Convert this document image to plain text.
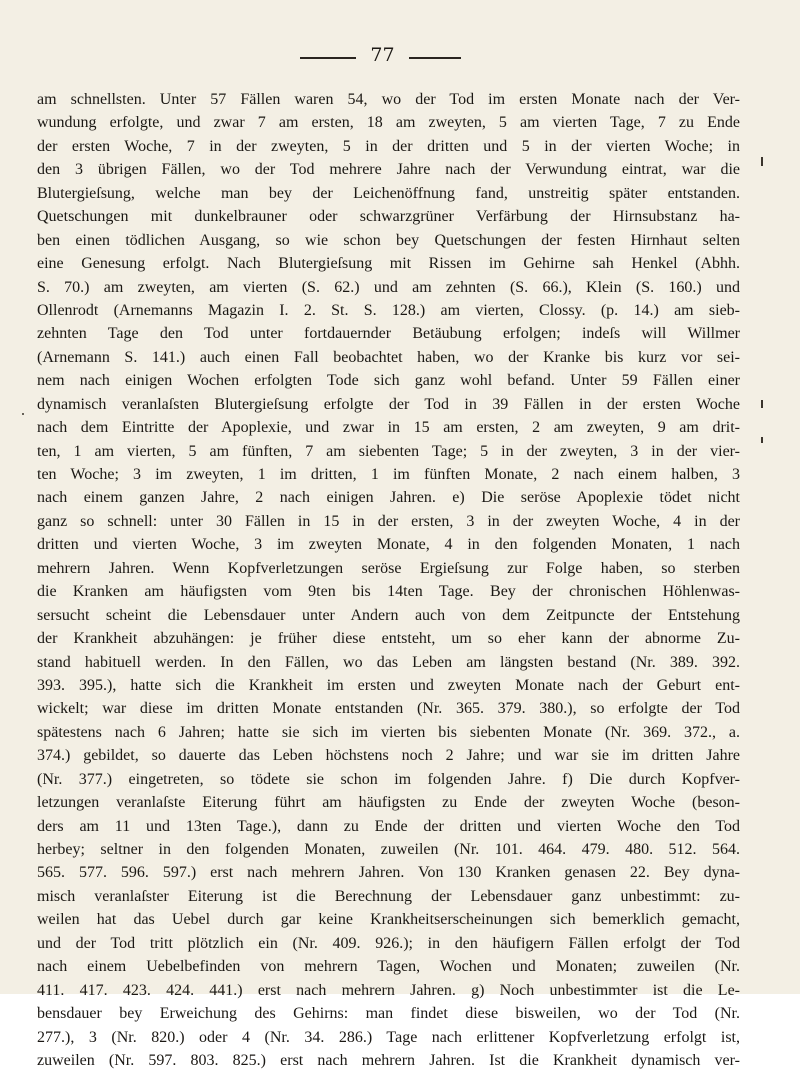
77
am schnellsten. Unter 57 Fällen waren 54, wo der Tod im ersten Monate nach der Ver-
wundung erfolgte, und zwar 7 am ersten, 18 am zweyten, 5 am vierten Tage, 7 zu Ende
der ersten Woche, 7 in der zweyten, 5 in der dritten und 5 in der vierten Woche; in
den 3 übrigen Fällen, wo der Tod mehrere Jahre nach der Verwundung eintrat, war die
Blutergieſsung, welche man bey der Leichenöffnung fand, unstreitig später entstanden.
Quetschungen mit dunkelbrauner oder schwarzgrüner Verfärbung der Hirnsubstanz ha-
ben einen tödlichen Ausgang, so wie schon bey Quetschungen der festen Hirnhaut selten
eine Genesung erfolgt. Nach Blutergieſsung mit Rissen im Gehirne sah Henkel (Abhh.
S. 70.) am zweyten, am vierten (S. 62.) und am zehnten (S. 66.), Klein (S. 160.) und
Ollenrodt (Arnemanns Magazin I. 2. St. S. 128.) am vierten, Clossy. (p. 14.) am sieb-
zehnten Tage den Tod unter fortdauernder Betäubung erfolgen; indeſs will Willmer
(Arnemann S. 141.) auch einen Fall beobachtet haben, wo der Kranke bis kurz vor sei-
nem nach einigen Wochen erfolgten Tode sich ganz wohl befand. Unter 59 Fällen einer
dynamisch veranlaſsten Blutergieſsung erfolgte der Tod in 39 Fällen in der ersten Woche
nach dem Eintritte der Apoplexie, und zwar in 15 am ersten, 2 am zweyten, 9 am drit-
ten, 1 am vierten, 5 am fünften, 7 am siebenten Tage; 5 in der zweyten, 3 in der vier-
ten Woche; 3 im zweyten, 1 im dritten, 1 im fünften Monate, 2 nach einem halben, 3
nach einem ganzen Jahre, 2 nach einigen Jahren. e) Die seröse Apoplexie tödet nicht
ganz so schnell: unter 30 Fällen in 15 in der ersten, 3 in der zweyten Woche, 4 in der
dritten und vierten Woche, 3 im zweyten Monate, 4 in den folgenden Monaten, 1 nach
mehrern Jahren. Wenn Kopfverletzungen seröse Ergieſsung zur Folge haben, so sterben
die Kranken am häufigsten vom 9ten bis 14ten Tage. Bey der chronischen Höhlenwas-
sersucht scheint die Lebensdauer unter Andern auch von dem Zeitpuncte der Entstehung
der Krankheit abzuhängen: je früher diese entsteht, um so eher kann der abnorme Zu-
stand habituell werden. In den Fällen, wo das Leben am längsten bestand (Nr. 389. 392.
393. 395.), hatte sich die Krankheit im ersten und zweyten Monate nach der Geburt ent-
wickelt; war diese im dritten Monate entstanden (Nr. 365. 379. 380.), so erfolgte der Tod
spätestens nach 6 Jahren; hatte sie sich im vierten bis siebenten Monate (Nr. 369. 372., a.
374.) gebildet, so dauerte das Leben höchstens noch 2 Jahre; und war sie im dritten Jahre
(Nr. 377.) eingetreten, so tödete sie schon im folgenden Jahre. f) Die durch Kopfver-
letzungen veranlaſste Eiterung führt am häufigsten zu Ende der zweyten Woche (beson-
ders am 11 und 13ten Tage.), dann zu Ende der dritten und vierten Woche den Tod
herbey; seltner in den folgenden Monaten, zuweilen (Nr. 101. 464. 479. 480. 512. 564.
565. 577. 596. 597.) erst nach mehrern Jahren. Von 130 Kranken genasen 22. Bey dyna-
misch veranlaſster Eiterung ist die Berechnung der Lebensdauer ganz unbestimmt: zu-
weilen hat das Uebel durch gar keine Krankheitserscheinungen sich bemerklich gemacht,
und der Tod tritt plötzlich ein (Nr. 409. 926.); in den häufigern Fällen erfolgt der Tod
nach einem Uebelbefinden von mehrern Tagen, Wochen und Monaten; zuweilen (Nr.
411. 417. 423. 424. 441.) erst nach mehrern Jahren. g) Noch unbestimmter ist die Le-
bensdauer bey Erweichung des Gehirns: man findet diese bisweilen, wo der Tod (Nr.
277.), 3 (Nr. 820.) oder 4 (Nr. 34. 286.) Tage nach erlittener Kopfverletzung erfolgt ist,
zuweilen (Nr. 597. 803. 825.) erst nach mehrern Jahren. Ist die Krankheit dynamisch ver-
